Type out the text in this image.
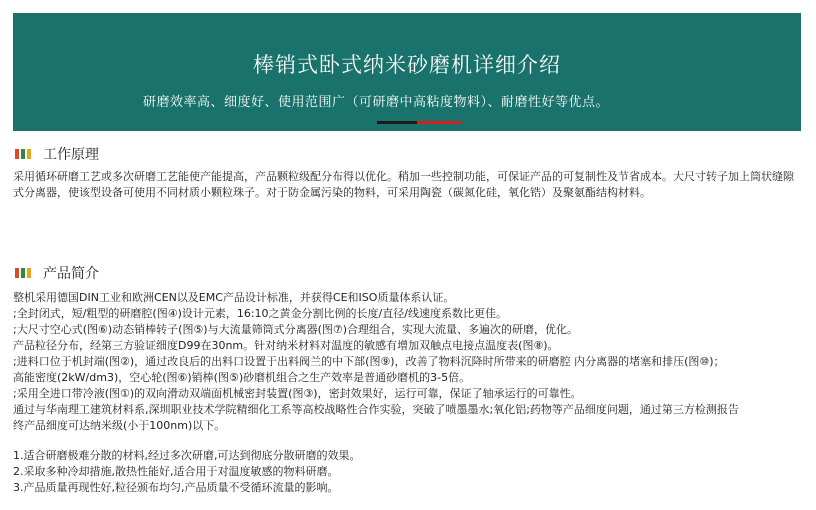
棒销式卧式纳米砂磨机详细介绍
研磨效率高、细度好、使用范围广（可研磨中高粘度物料）、耐磨性好等优点。
工作原理

采用循环研磨工艺或多次研磨工艺能使产能提高，产品颗粒级配分布得以优化。稍加一些控制功能，可保证产品的可复制性及节省成本。大尺寸转子加上筒状缝隙式分离器，使该型设备可使用不同材质小颗粒珠子。对于防金属污染的物料，可采用陶瓷（碳氮化硅，氧化锆）及聚氨酯结构材料。

产品简介
整机采用德国DIN工业和欧洲CEN以及EMC产品设计标准，并获得CE和ISO质量体系认证。
;全封闭式，短/粗型的研磨腔(图④)设计元素，16:10之黄金分割比例的长度/直径/线速度系数比更佳。
;大尺寸空心式(图⑥)动态销棒转子(图⑤)与大流量筛筒式分离器(图⑦)合理组合，实现大流量、多遍次的研磨，优化。
产品粒径分布，经第三方验证细度D99在30nm。针对纳米材料对温度的敏感有增加双触点电接点温度表(图⑧)。
;进料口位于机封端(图②)，通过改良后的出料口设置于出料阀兰的中下部(图⑨)，改善了物料沉降时所带来的研磨腔 内分离器的堵塞和排压(图⑩)；
高能密度(2kW/dm3)，空心轮(图⑥)销棒(图⑤)砂磨机组合之生产效率是普通砂磨机的3-5倍。
;采用全进口带冷液(图①)的双向滑动双端面机械密封装置(图③)，密封效果好，运行可靠，保证了轴承运行的可靠性。
通过与华南理工建筑材料系,深圳职业技术学院精细化工系等高校战略性合作实验，突破了喷墨墨水;氧化铝;药物等产品细度问题，通过第三方检测报告
终产品细度可达纳米级(小于100nm)以下。
1.适合研磨极难分散的材料,经过多次研磨,可达到彻底分散研磨的效果。
2.采取多种冷却措施,散热性能好,适合用于对温度敏感的物料研磨。
3.产品质量再现性好,粒径颁布均匀,产品质量不受循环流量的影响。
